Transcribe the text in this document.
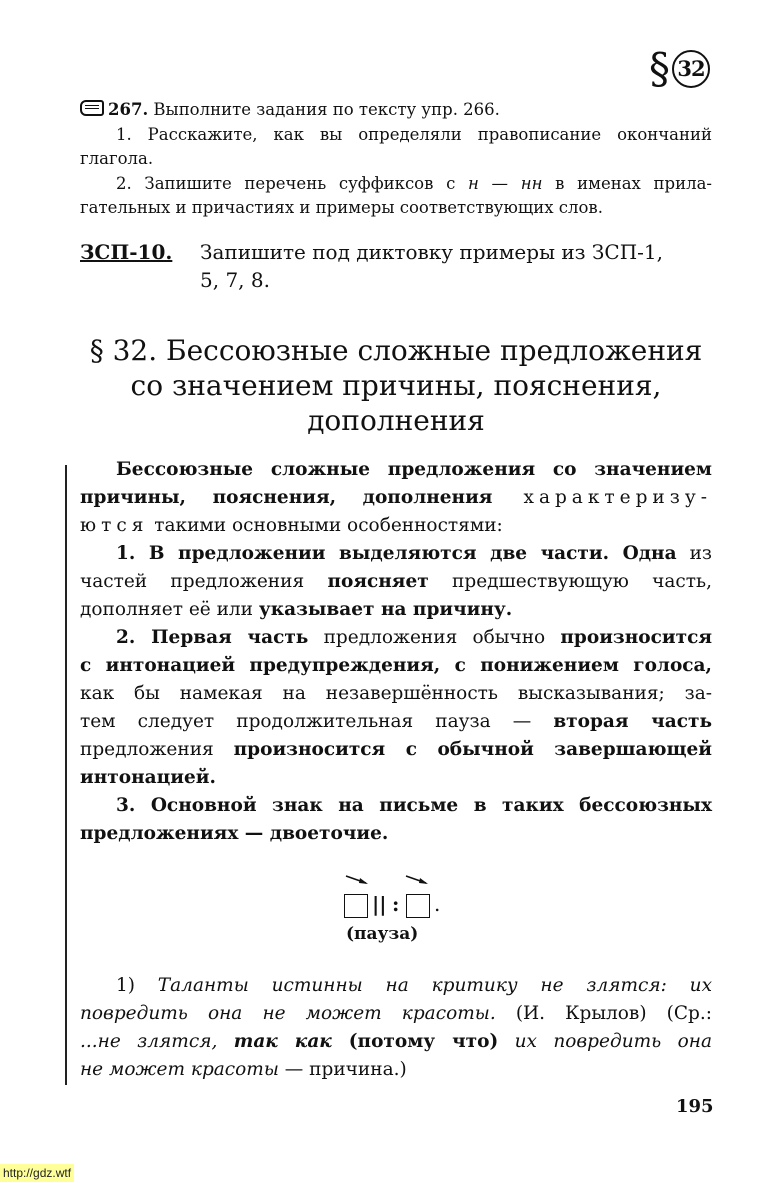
§ 32
267. Выполните задания по тексту упр. 266.
1. Расскажите, как вы определяли правописание окончаний
глагола.
2. Запишите перечень суффиксов с н — нн в именах прила-
гательных и причастиях и примеры соответствующих слов.
ЗСП-10. Запишите под диктовку примеры из ЗСП-1,
5, 7, 8.
§ 32. Бессоюзные сложные предложения
со значением причины, пояснения,
дополнения
Бессоюзные сложные предложения со значением
причины, пояснения, дополнения характеризу-
ются такими основными особенностями:
1. В предложении выделяются две части. Одна из
частей предложения поясняет предшествующую часть,
дополняет её или указывает на причину.
2. Первая часть предложения обычно произносится
с интонацией предупреждения, с понижением голоса,
как бы намекая на незавершённость высказывания; за-
тем следует продолжительная пауза — вторая часть
предложения произносится с обычной завершающей
интонацией.
3. Основной знак на письме в таких бессоюзных
предложениях — двоеточие.
|| : .
(пауза)
1) Таланты истинны на критику не злятся: их
повредить она не может красоты. (И. Крылов) (Ср.:
...не злятся, так как (потому что) их повредить она
не может красоты — причина.)
195
http://gdz.wtf
